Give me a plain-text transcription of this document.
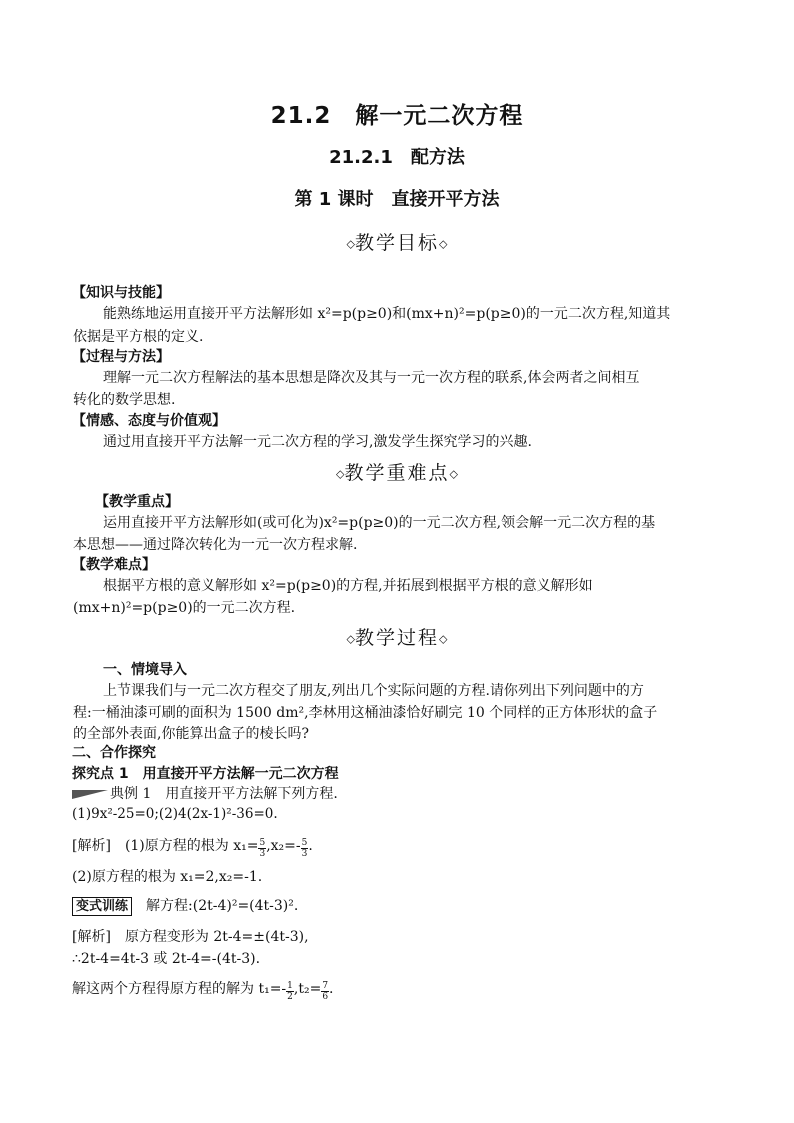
21.2　解一元二次方程
21.2.1　配方法
第 1 课时　直接开平方法
◇教学目标◇
【知识与技能】
能熟练地运用直接开平方法解形如 x²=p(p≥0)和(mx+n)²=p(p≥0)的一元二次方程,知道其
依据是平方根的定义.
【过程与方法】
理解一元二次方程解法的基本思想是降次及其与一元一次方程的联系,体会两者之间相互
转化的数学思想.
【情感、态度与价值观】
通过用直接开平方法解一元二次方程的学习,激发学生探究学习的兴趣.
◇教学重难点◇
【教学重点】
运用直接开平方法解形如(或可化为)x²=p(p≥0)的一元二次方程,领会解一元二次方程的基
本思想——通过降次转化为一元一次方程求解.
【教学难点】
根据平方根的意义解形如 x²=p(p≥0)的方程,并拓展到根据平方根的意义解形如
(mx+n)²=p(p≥0)的一元二次方程.
◇教学过程◇
一、情境导入
上节课我们与一元二次方程交了朋友,列出几个实际问题的方程.请你列出下列问题中的方
程:一桶油漆可刷的面积为 1500 dm²,李林用这桶油漆恰好刷完 10 个同样的正方体形状的盒子
的全部外表面,你能算出盒子的棱长吗?
二、合作探究
探究点 1　用直接开平方法解一元二次方程
典例 1　 用直接开平方法解下列方程.
(1)9x²-25=0;(2)4(2x-1)²-36=0.
[解析]　 (1)原方程的根为 $x_1= \frac{5}{3} ,x_2=- \frac{5}{3}$ .
(2)原方程的根为 x₁=2,x₂=-1.
变式训练　 解方程:(2t-4)²=(4t-3)².
[解析]　 原方程变形为 2t-4=±(4t-3),
∴2t-4=4t-3 或 2t-4=-(4t-3).
解这两个方程得原方程的解为 $t_1=- \frac{1}{2} ,t_2= \frac{7}{6}$ .
